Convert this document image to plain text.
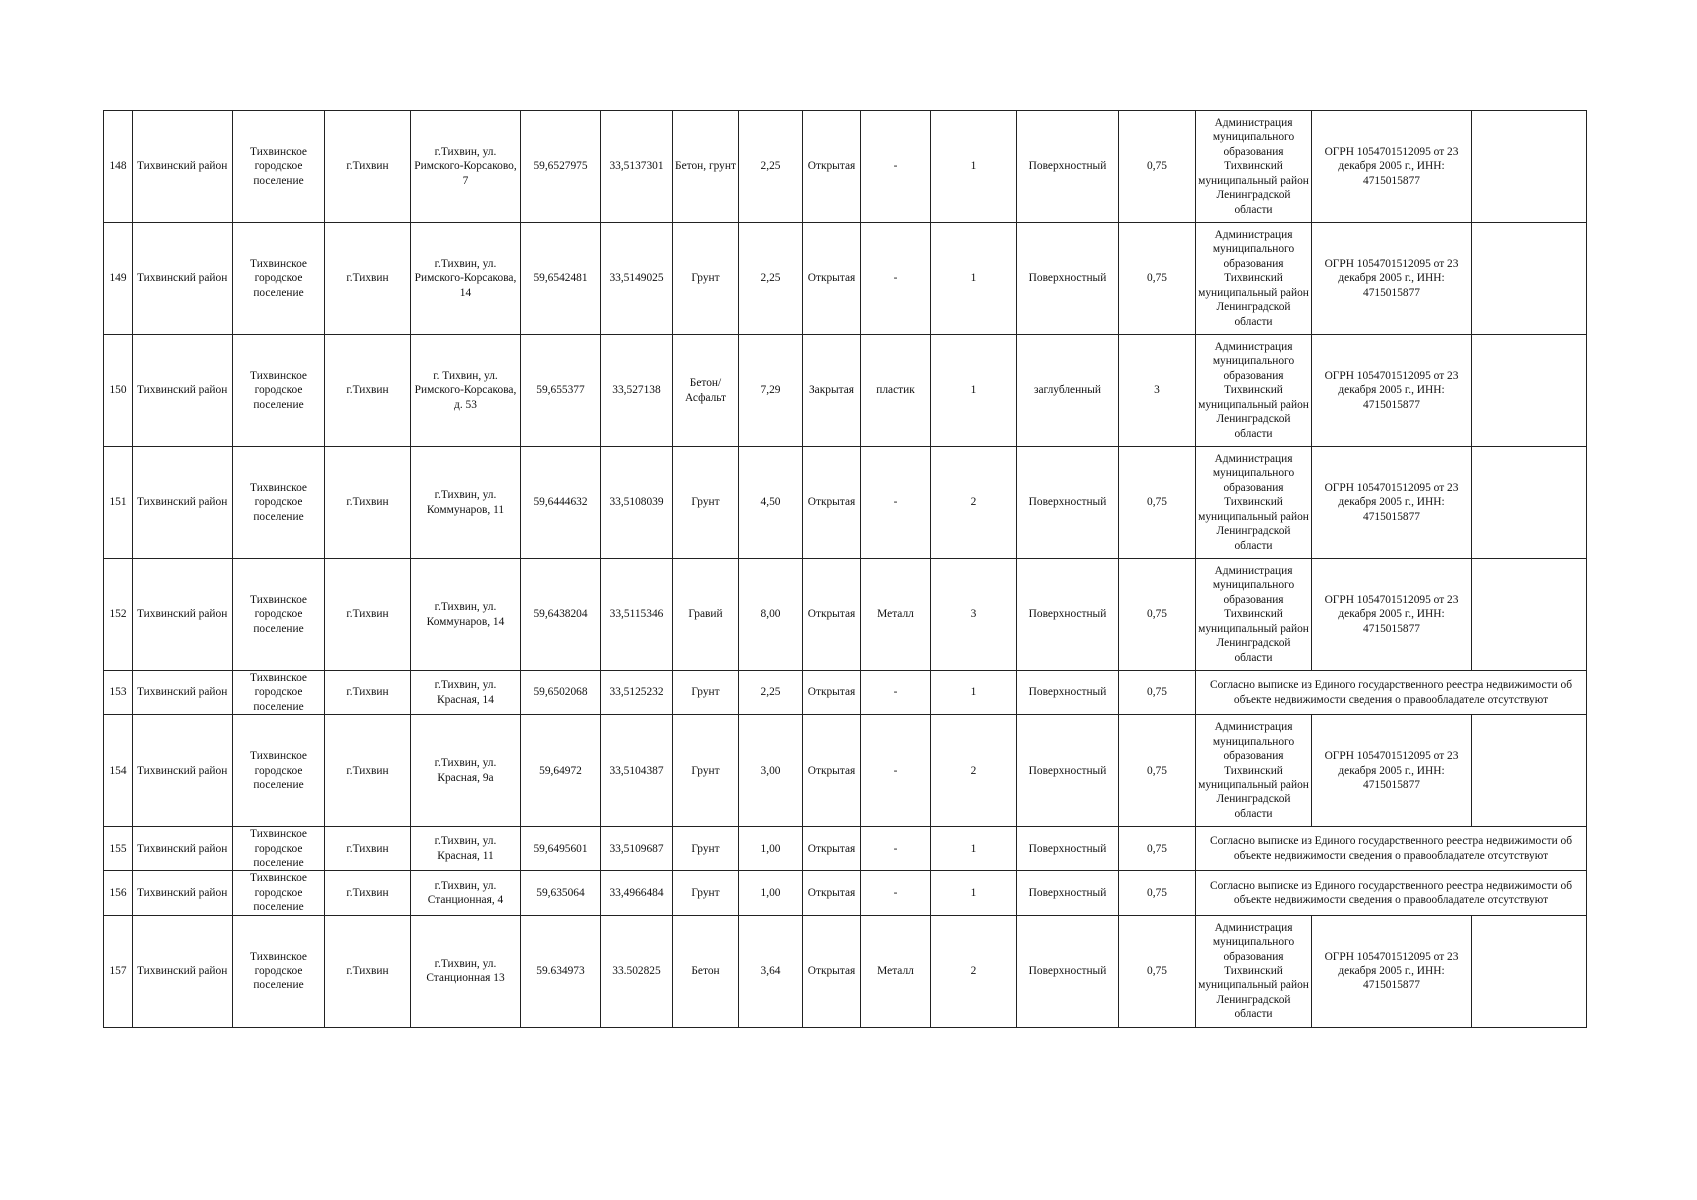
148	Тихвинский район	Тихвинское городское поселение	г.Тихвин	г.Тихвин, ул. Римского-Корсаково, 7	59,6527975	33,5137301	Бетон, грунт	2,25	Открытая	-	1	Поверхностный	0,75	Администрация муниципального образования Тихвинский муниципальный район Ленинградской области	ОГРН 1054701512095 от 23 декабря 2005 г., ИНН: 4715015877	
149	Тихвинский район	Тихвинское городское поселение	г.Тихвин	г.Тихвин, ул. Римского-Корсакова, 14	59,6542481	33,5149025	Грунт	2,25	Открытая	-	1	Поверхностный	0,75	Администрация муниципального образования Тихвинский муниципальный район Ленинградской области	ОГРН 1054701512095 от 23 декабря 2005 г., ИНН: 4715015877	
150	Тихвинский район	Тихвинское городское поселение	г.Тихвин	г. Тихвин, ул. Римского-Корсакова, д. 53	59,655377	33,527138	Бетон/Асфальт	7,29	Закрытая	пластик	1	заглубленный	3	Администрация муниципального образования Тихвинский муниципальный район Ленинградской области	ОГРН 1054701512095 от 23 декабря 2005 г., ИНН: 4715015877	
151	Тихвинский район	Тихвинское городское поселение	г.Тихвин	г.Тихвин, ул. Коммунаров, 11	59,6444632	33,5108039	Грунт	4,50	Открытая	-	2	Поверхностный	0,75	Администрация муниципального образования Тихвинский муниципальный район Ленинградской области	ОГРН 1054701512095 от 23 декабря 2005 г., ИНН: 4715015877	
152	Тихвинский район	Тихвинское городское поселение	г.Тихвин	г.Тихвин, ул. Коммунаров, 14	59,6438204	33,5115346	Гравий	8,00	Открытая	Металл	3	Поверхностный	0,75	Администрация муниципального образования Тихвинский муниципальный район Ленинградской области	ОГРН 1054701512095 от 23 декабря 2005 г., ИНН: 4715015877	
153	Тихвинский район	Тихвинское городское поселение	г.Тихвин	г.Тихвин, ул. Красная, 14	59,6502068	33,5125232	Грунт	2,25	Открытая	-	1	Поверхностный	0,75	Согласно выписке из Единого государственного реестра недвижимости об объекте недвижимости сведения о правообладателе отсутствуют		
154	Тихвинский район	Тихвинское городское поселение	г.Тихвин	г.Тихвин, ул. Красная, 9а	59,64972	33,5104387	Грунт	3,00	Открытая	-	2	Поверхностный	0,75	Администрация муниципального образования Тихвинский муниципальный район Ленинградской области	ОГРН 1054701512095 от 23 декабря 2005 г., ИНН: 4715015877	
155	Тихвинский район	Тихвинское городское поселение	г.Тихвин	г.Тихвин, ул. Красная, 11	59,6495601	33,5109687	Грунт	1,00	Открытая	-	1	Поверхностный	0,75	Согласно выписке из Единого государственного реестра недвижимости об объекте недвижимости сведения о правообладателе отсутствуют		
156	Тихвинский район	Тихвинское городское поселение	г.Тихвин	г.Тихвин, ул. Станционная, 4	59,635064	33,4966484	Грунт	1,00	Открытая	-	1	Поверхностный	0,75	Согласно выписке из Единого государственного реестра недвижимости об объекте недвижимости сведения о правообладателе отсутствуют		
157	Тихвинский район	Тихвинское городское поселение	г.Тихвин	г.Тихвин, ул. Станционная 13	59.634973	33.502825	Бетон	3,64	Открытая	Металл	2	Поверхностный	0,75	Администрация муниципального образования Тихвинский муниципальный район Ленинградской области	ОГРН 1054701512095 от 23 декабря 2005 г., ИНН: 4715015877	
